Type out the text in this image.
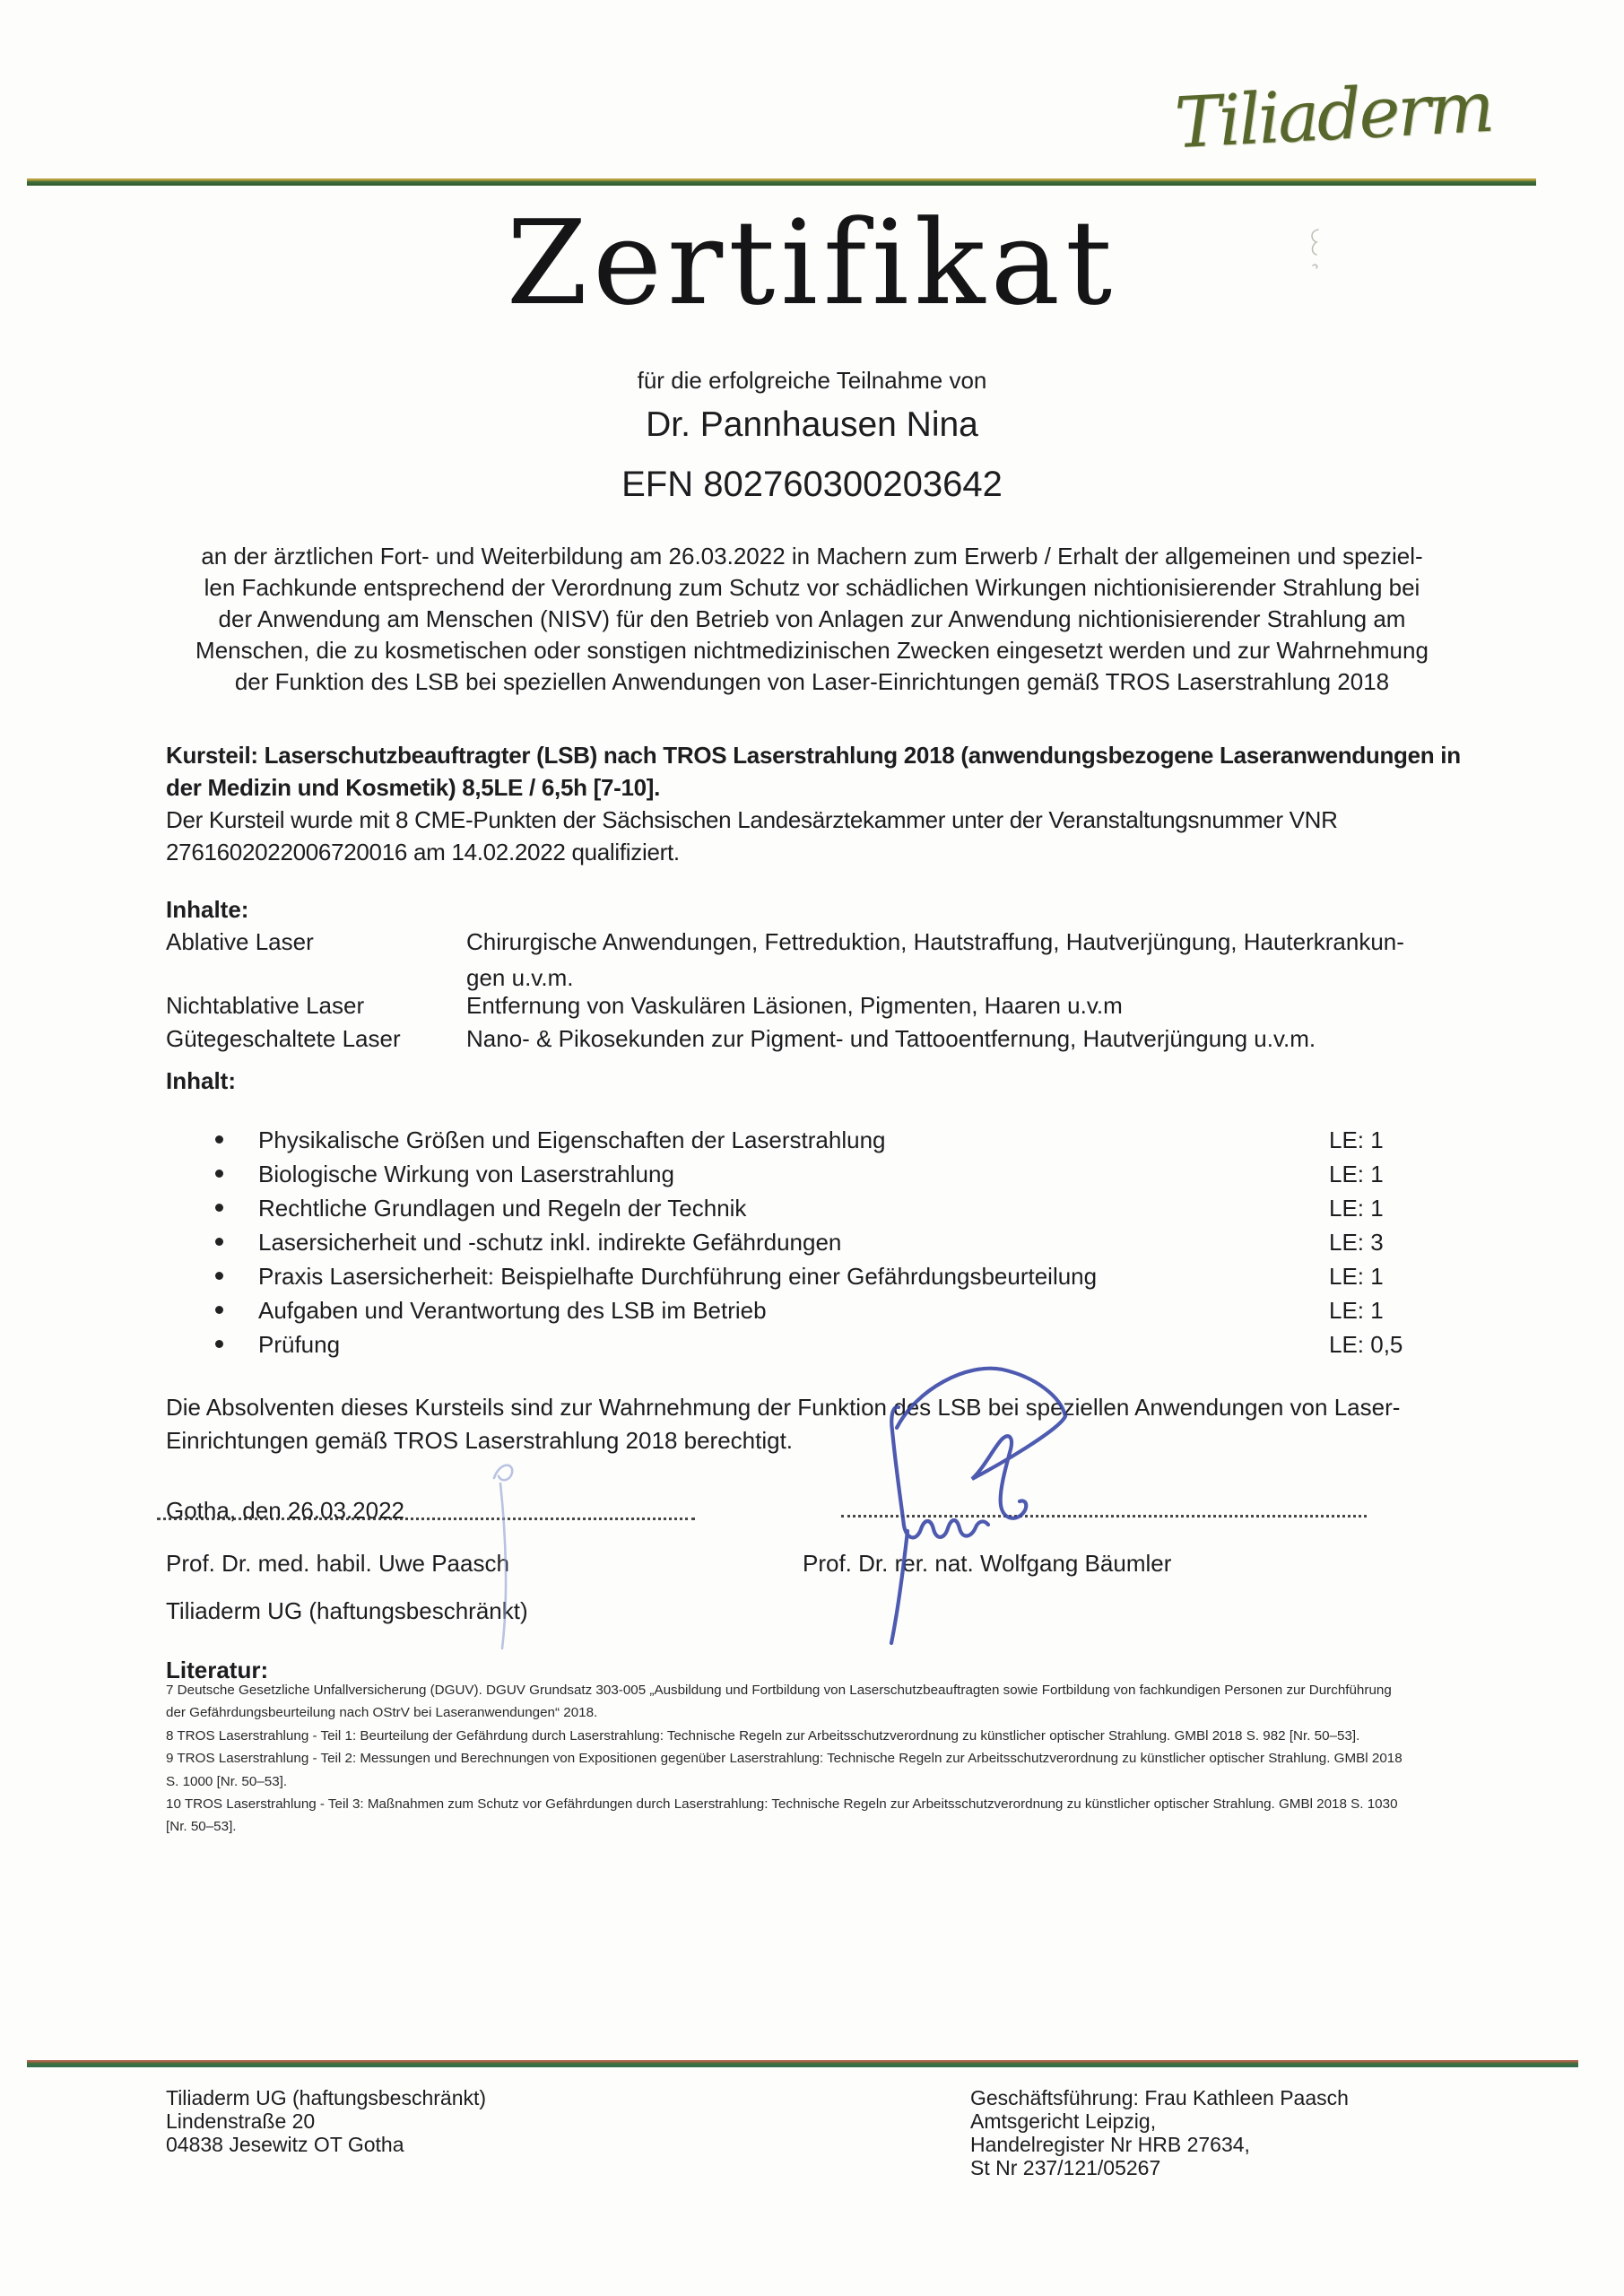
Tiliaderm
Zertifikat
für die erfolgreiche Teilnahme von
Dr. Pannhausen Nina
EFN 802760300203642
an der ärztlichen Fort- und Weiterbildung am 26.03.2022 in Machern zum Erwerb / Erhalt der allgemeinen und speziel-
len Fachkunde entsprechend der Verordnung zum Schutz vor schädlichen Wirkungen nichtionisierender Strahlung bei
der Anwendung am Menschen (NISV) für den Betrieb von Anlagen zur Anwendung nichtionisierender Strahlung am
Menschen, die zu kosmetischen oder sonstigen nichtmedizinischen Zwecken eingesetzt werden und zur Wahrnehmung
der Funktion des LSB bei speziellen Anwendungen von Laser-Einrichtungen gemäß TROS Laserstrahlung 2018
Kursteil: Laserschutzbeauftragter (LSB) nach TROS Laserstrahlung 2018 (anwendungsbezogene Laseranwendungen in
der Medizin und Kosmetik) 8,5LE / 6,5h [7-10].
Der Kursteil wurde mit 8 CME-Punkten der Sächsischen Landesärztekammer unter der Veranstaltungsnummer VNR
2761602022006720016 am 14.02.2022 qualifiziert.
Inhalte:
Ablative Laser	Chirurgische Anwendungen, Fettreduktion, Hautstraffung, Hautverjüngung, Hauterkrankun-
gen u.v.m.
Nichtablative Laser	Entfernung von Vaskulären Läsionen, Pigmenten, Haaren u.v.m
Gütegeschaltete Laser	Nano- & Pikosekunden zur Pigment- und Tattooentfernung, Hautverjüngung u.v.m.
Inhalt:
Physikalische Größen und Eigenschaften der Laserstrahlung	LE: 1
Biologische Wirkung von Laserstrahlung	LE: 1
Rechtliche Grundlagen und Regeln der Technik	LE: 1
Lasersicherheit und -schutz inkl. indirekte Gefährdungen	LE: 3
Praxis Lasersicherheit: Beispielhafte Durchführung einer Gefährdungsbeurteilung	LE: 1
Aufgaben und Verantwortung des LSB im Betrieb	LE: 1
Prüfung	LE: 0,5
Die Absolventen dieses Kursteils sind zur Wahrnehmung der Funktion des LSB bei speziellen Anwendungen von Laser-
Einrichtungen gemäß TROS Laserstrahlung 2018 berechtigt.
Gotha, den 26.03.2022
Prof. Dr. med. habil. Uwe Paasch	Prof. Dr. rer. nat. Wolfgang Bäumler
Tiliaderm UG (haftungsbeschränkt)
Literatur:
7 Deutsche Gesetzliche Unfallversicherung (DGUV). DGUV Grundsatz 303-005 „Ausbildung und Fortbildung von Laserschutzbeauftragten sowie Fortbildung von fachkundigen Personen zur Durchführung
der Gefährdungsbeurteilung nach OStrV bei Laseranwendungen“ 2018.
8 TROS Laserstrahlung - Teil 1: Beurteilung der Gefährdung durch Laserstrahlung: Technische Regeln zur Arbeitsschutzverordnung zu künstlicher optischer Strahlung. GMBl 2018 S. 982 [Nr. 50–53].
9 TROS Laserstrahlung - Teil 2: Messungen und Berechnungen von Expositionen gegenüber Laserstrahlung: Technische Regeln zur Arbeitsschutzverordnung zu künstlicher optischer Strahlung. GMBl 2018
S. 1000 [Nr. 50–53].
10 TROS Laserstrahlung - Teil 3: Maßnahmen zum Schutz vor Gefährdungen durch Laserstrahlung: Technische Regeln zur Arbeitsschutzverordnung zu künstlicher optischer Strahlung. GMBl 2018 S. 1030
[Nr. 50–53].
Tiliaderm UG (haftungsbeschränkt)
Lindenstraße 20
04838 Jesewitz OT Gotha
Geschäftsführung: Frau Kathleen Paasch
Amtsgericht Leipzig,
Handelregister Nr HRB 27634,
St Nr 237/121/05267
